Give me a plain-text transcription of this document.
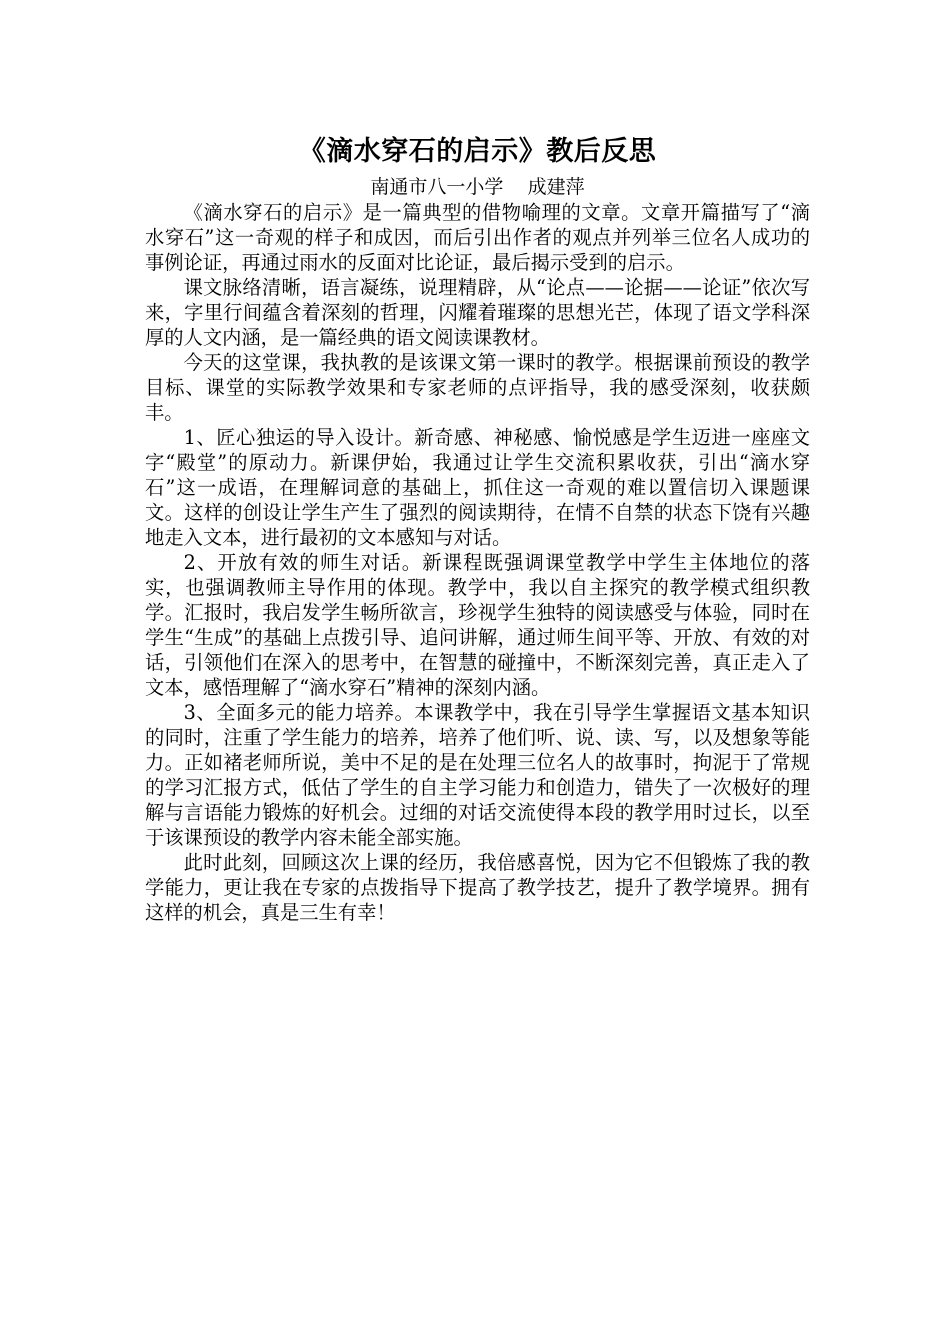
《滴水穿石的启示》教后反思

南通市八一小学    成建萍

《滴水穿石的启示》是一篇典型的借物喻理的文章。文章开篇描写了“滴水穿石”这一奇观的样子和成因，而后引出作者的观点并列举三位名人成功的事例论证，再通过雨水的反面对比论证，最后揭示受到的启示。

课文脉络清晰，语言凝练，说理精辟，从“论点——论据——论证”依次写来，字里行间蕴含着深刻的哲理，闪耀着璀璨的思想光芒，体现了语文学科深厚的人文内涵，是一篇经典的语文阅读课教材。

今天的这堂课，我执教的是该课文第一课时的教学。根据课前预设的教学目标、课堂的实际教学效果和专家老师的点评指导，我的感受深刻，收获颇丰。

1、匠心独运的导入设计。新奇感、神秘感、愉悦感是学生迈进一座座文字“殿堂”的原动力。新课伊始，我通过让学生交流积累收获，引出“滴水穿石”这一成语，在理解词意的基础上，抓住这一奇观的难以置信切入课题课文。这样的创设让学生产生了强烈的阅读期待，在情不自禁的状态下饶有兴趣地走入文本，进行最初的文本感知与对话。

2、开放有效的师生对话。新课程既强调课堂教学中学生主体地位的落实，也强调教师主导作用的体现。教学中，我以自主探究的教学模式组织教学。汇报时，我启发学生畅所欲言，珍视学生独特的阅读感受与体验，同时在学生“生成”的基础上点拨引导、追问讲解，通过师生间平等、开放、有效的对话，引领他们在深入的思考中，在智慧的碰撞中，不断深刻完善，真正走入了文本，感悟理解了“滴水穿石”精神的深刻内涵。

3、全面多元的能力培养。本课教学中，我在引导学生掌握语文基本知识的同时，注重了学生能力的培养，培养了他们听、说、读、写，以及想象等能力。正如褚老师所说，美中不足的是在处理三位名人的故事时，拘泥于了常规的学习汇报方式，低估了学生的自主学习能力和创造力，错失了一次极好的理解与言语能力锻炼的好机会。过细的对话交流使得本段的教学用时过长，以至于该课预设的教学内容未能全部实施。

此时此刻，回顾这次上课的经历，我倍感喜悦，因为它不但锻炼了我的教学能力，更让我在专家的点拨指导下提高了教学技艺，提升了教学境界。拥有这样的机会，真是三生有幸！
